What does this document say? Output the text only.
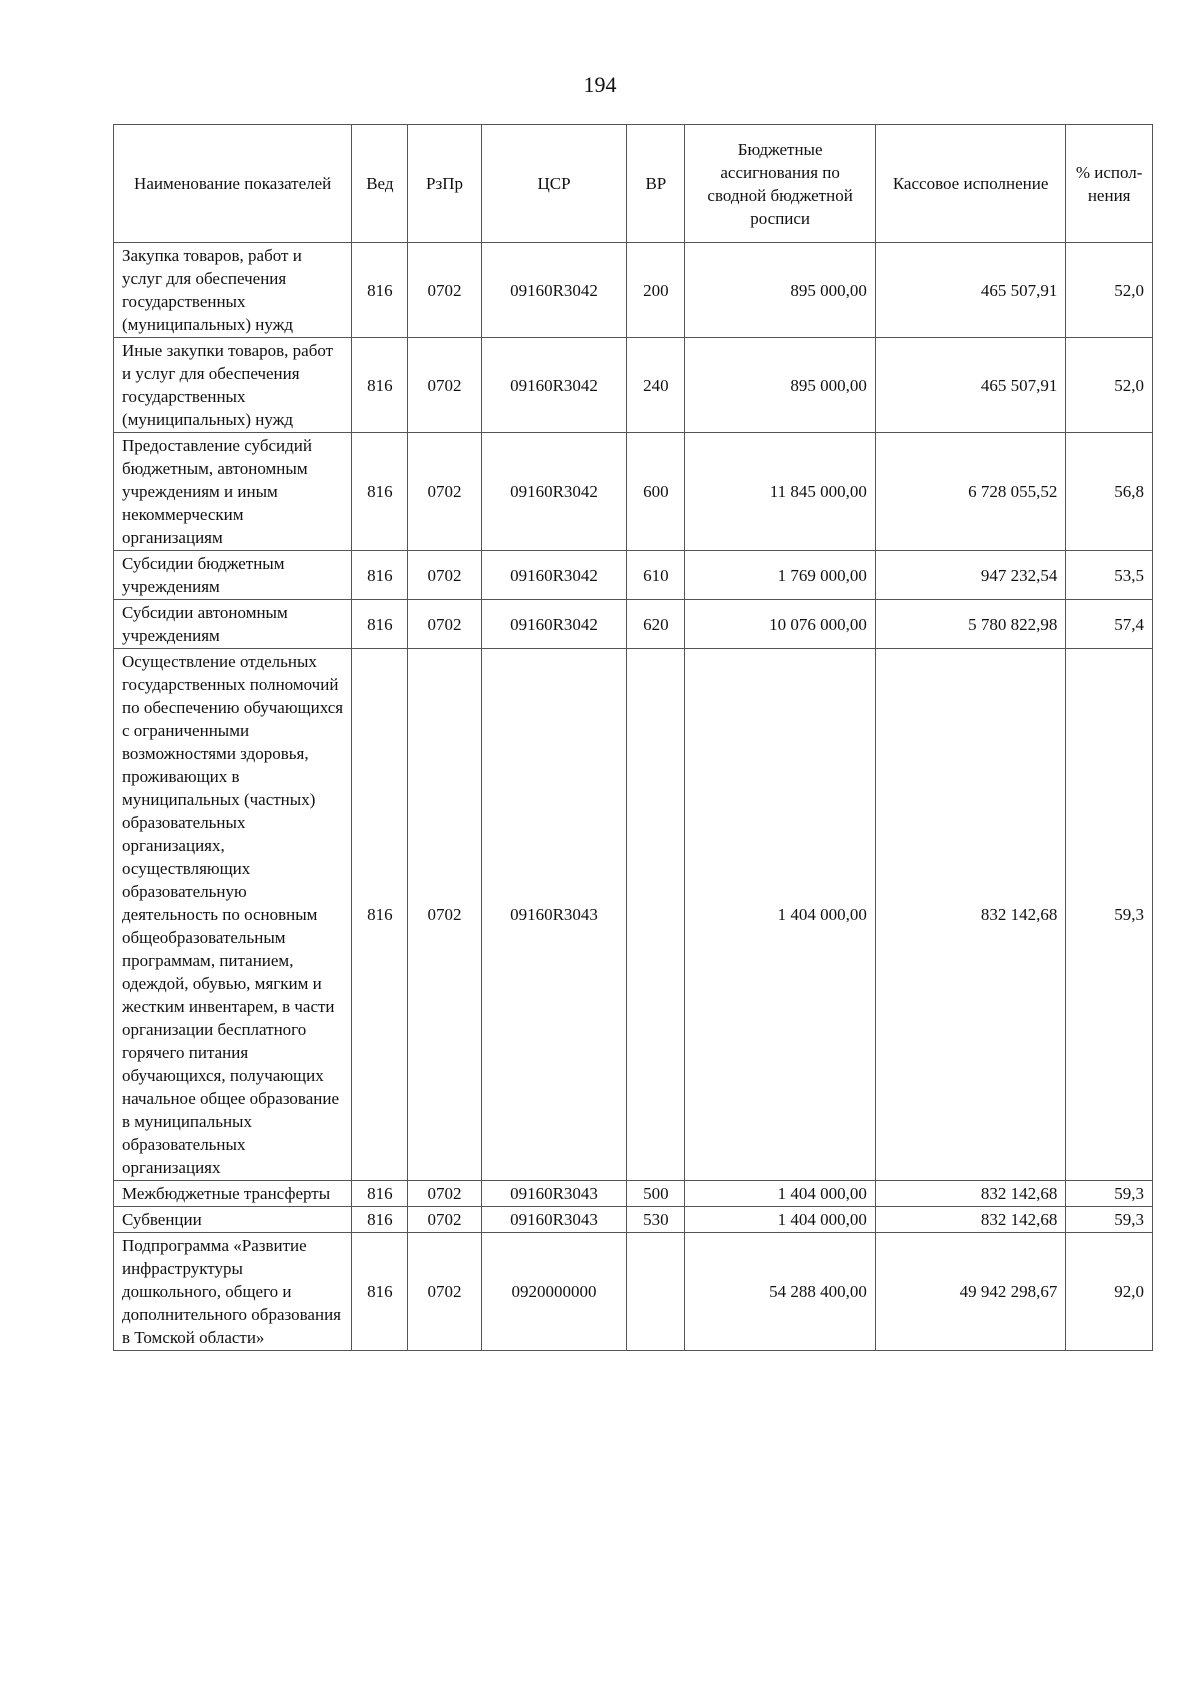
194
Наименование показателей	Вед	РзПр	ЦСР	ВР	Бюджетные ассигнования по сводной бюджетной росписи	Кассовое исполнение	% испол-нения
Закупка товаров, работ и услуг для обеспечения государственных (муниципальных) нужд	816	0702	09160R3042	200	895 000,00	465 507,91	52,0
Иные закупки товаров, работ и услуг для обеспечения государственных (муниципальных) нужд	816	0702	09160R3042	240	895 000,00	465 507,91	52,0
Предоставление субсидий бюджетным, автономным учреждениям и иным некоммерческим организациям	816	0702	09160R3042	600	11 845 000,00	6 728 055,52	56,8
Субсидии бюджетным учреждениям	816	0702	09160R3042	610	1 769 000,00	947 232,54	53,5
Субсидии автономным учреждениям	816	0702	09160R3042	620	10 076 000,00	5 780 822,98	57,4
Осуществление отдельных государственных полномочий по обеспечению обучающихся с ограниченными возможностями здоровья, проживающих в муниципальных (частных) образовательных организациях, осуществляющих образовательную деятельность по основным общеобразовательным программам, питанием, одеждой, обувью, мягким и жестким инвентарем, в части организации бесплатного горячего питания обучающихся, получающих начальное общее образование в муниципальных образовательных организациях	816	0702	09160R3043		1 404 000,00	832 142,68	59,3
Межбюджетные трансферты	816	0702	09160R3043	500	1 404 000,00	832 142,68	59,3
Субвенции	816	0702	09160R3043	530	1 404 000,00	832 142,68	59,3
Подпрограмма «Развитие инфраструктуры дошкольного, общего и дополнительного образования в Томской области»	816	0702	0920000000		54 288 400,00	49 942 298,67	92,0
